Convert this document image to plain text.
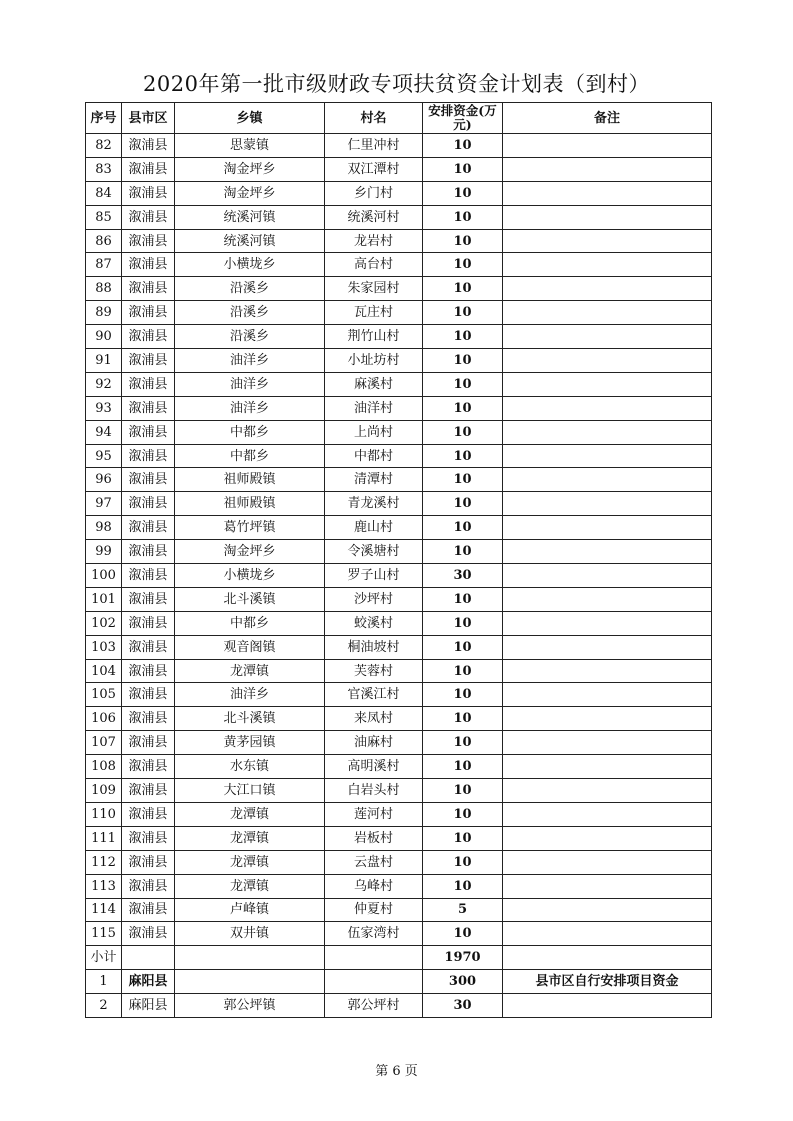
2020年第一批市级财政专项扶贫资金计划表（到村）
序号	县市区	乡镇	村名	安排资金(万元)	备注
82	溆浦县	思蒙镇	仁里冲村	10	
83	溆浦县	淘金坪乡	双江潭村	10	
84	溆浦县	淘金坪乡	乡门村	10	
85	溆浦县	统溪河镇	统溪河村	10	
86	溆浦县	统溪河镇	龙岩村	10	
87	溆浦县	小横垅乡	高台村	10	
88	溆浦县	沿溪乡	朱家园村	10	
89	溆浦县	沿溪乡	瓦庄村	10	
90	溆浦县	沿溪乡	荆竹山村	10	
91	溆浦县	油洋乡	小址坊村	10	
92	溆浦县	油洋乡	麻溪村	10	
93	溆浦县	油洋乡	油洋村	10	
94	溆浦县	中都乡	上尚村	10	
95	溆浦县	中都乡	中都村	10	
96	溆浦县	祖师殿镇	清潭村	10	
97	溆浦县	祖师殿镇	青龙溪村	10	
98	溆浦县	葛竹坪镇	鹿山村	10	
99	溆浦县	淘金坪乡	令溪塘村	10	
100	溆浦县	小横垅乡	罗子山村	30	
101	溆浦县	北斗溪镇	沙坪村	10	
102	溆浦县	中都乡	蛟溪村	10	
103	溆浦县	观音阁镇	桐油坡村	10	
104	溆浦县	龙潭镇	芙蓉村	10	
105	溆浦县	油洋乡	官溪江村	10	
106	溆浦县	北斗溪镇	来凤村	10	
107	溆浦县	黄茅园镇	油麻村	10	
108	溆浦县	水东镇	高明溪村	10	
109	溆浦县	大江口镇	白岩头村	10	
110	溆浦县	龙潭镇	莲河村	10	
111	溆浦县	龙潭镇	岩板村	10	
112	溆浦县	龙潭镇	云盘村	10	
113	溆浦县	龙潭镇	乌峰村	10	
114	溆浦县	卢峰镇	仲夏村	5	
115	溆浦县	双井镇	伍家湾村	10	
小计				1970	
1	麻阳县			300	县市区自行安排项目资金
2	麻阳县	郭公坪镇	郭公坪村	30	
第 6 页
